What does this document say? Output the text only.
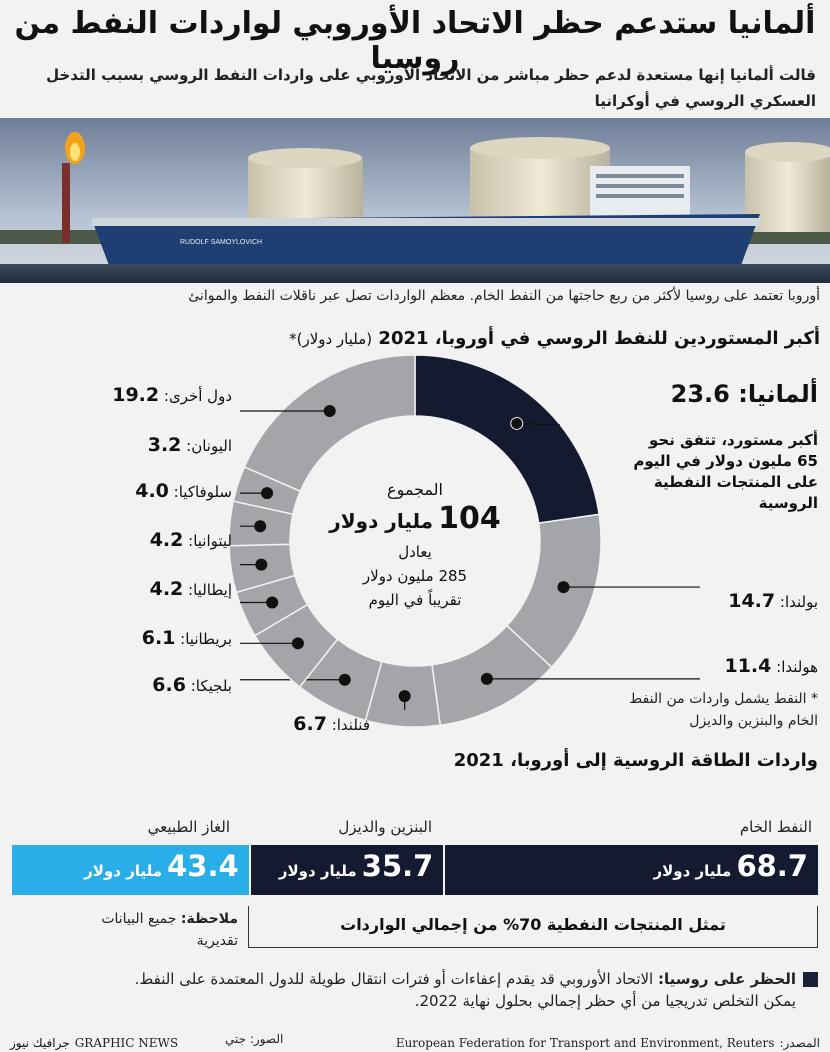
ألمانيا ستدعم حظر الاتحاد الأوروبي لواردات النفط من روسيا
قالت ألمانيا إنها مستعدة لدعم حظر مباشر من الاتحاد الأوروبي على واردات النفط الروسي بسبب التدخل العسكري الروسي في أوكرانيا
RUDOLF SAMOYLOVICH
أوروبا تعتمد على روسيا لأكثر من ربع حاجتها من النفط الخام. معظم الواردات تصل عبر ناقلات النفط والموانئ
أكبر المستوردين للنفط الروسي في أوروبا، 2021 (مليار دولار)*
المجموع
104 مليار دولار
يعادل
285 مليون دولار
تقريباً في اليوم
ألمانيا: 23.6
أكبر مستورد، تتفق نحو
65 مليون دولار في اليوم
على المنتجات النفطية
الروسية
بولندا: 14.7
هولندا: 11.4
دول أخرى: 19.2
اليونان: 3.2
سلوفاكيا: 4.0
ليتوانيا: 4.2
إيطاليا: 4.2
بريطانيا: 6.1
بلجيكا: 6.6
فنلندا: 6.7
* النفط يشمل واردات من النفط
الخام والبنزين والديزل
واردات الطاقة الروسية إلى أوروبا، 2021
النفط الخام
البنزين والديزل
الغاز الطبيعي
68.7 مليار دولار
35.7 مليار دولار
43.4 مليار دولار
تمثل المنتجات النفطية 70% من إجمالي الواردات
ملاحظة: جميع البيانات
تقديرية
الحظر على روسيا: الاتحاد الأوروبي قد يقدم إعفاءات أو فترات انتقال طويلة للدول المعتمدة على النفط.
يمكن التخلص تدريجيا من أي حظر إجمالي بحلول نهاية 2022.
المصدر: European Federation for Transport and Environment, Reuters
الصور: جتي
GRAPHIC NEWS جرافيك نيوز
